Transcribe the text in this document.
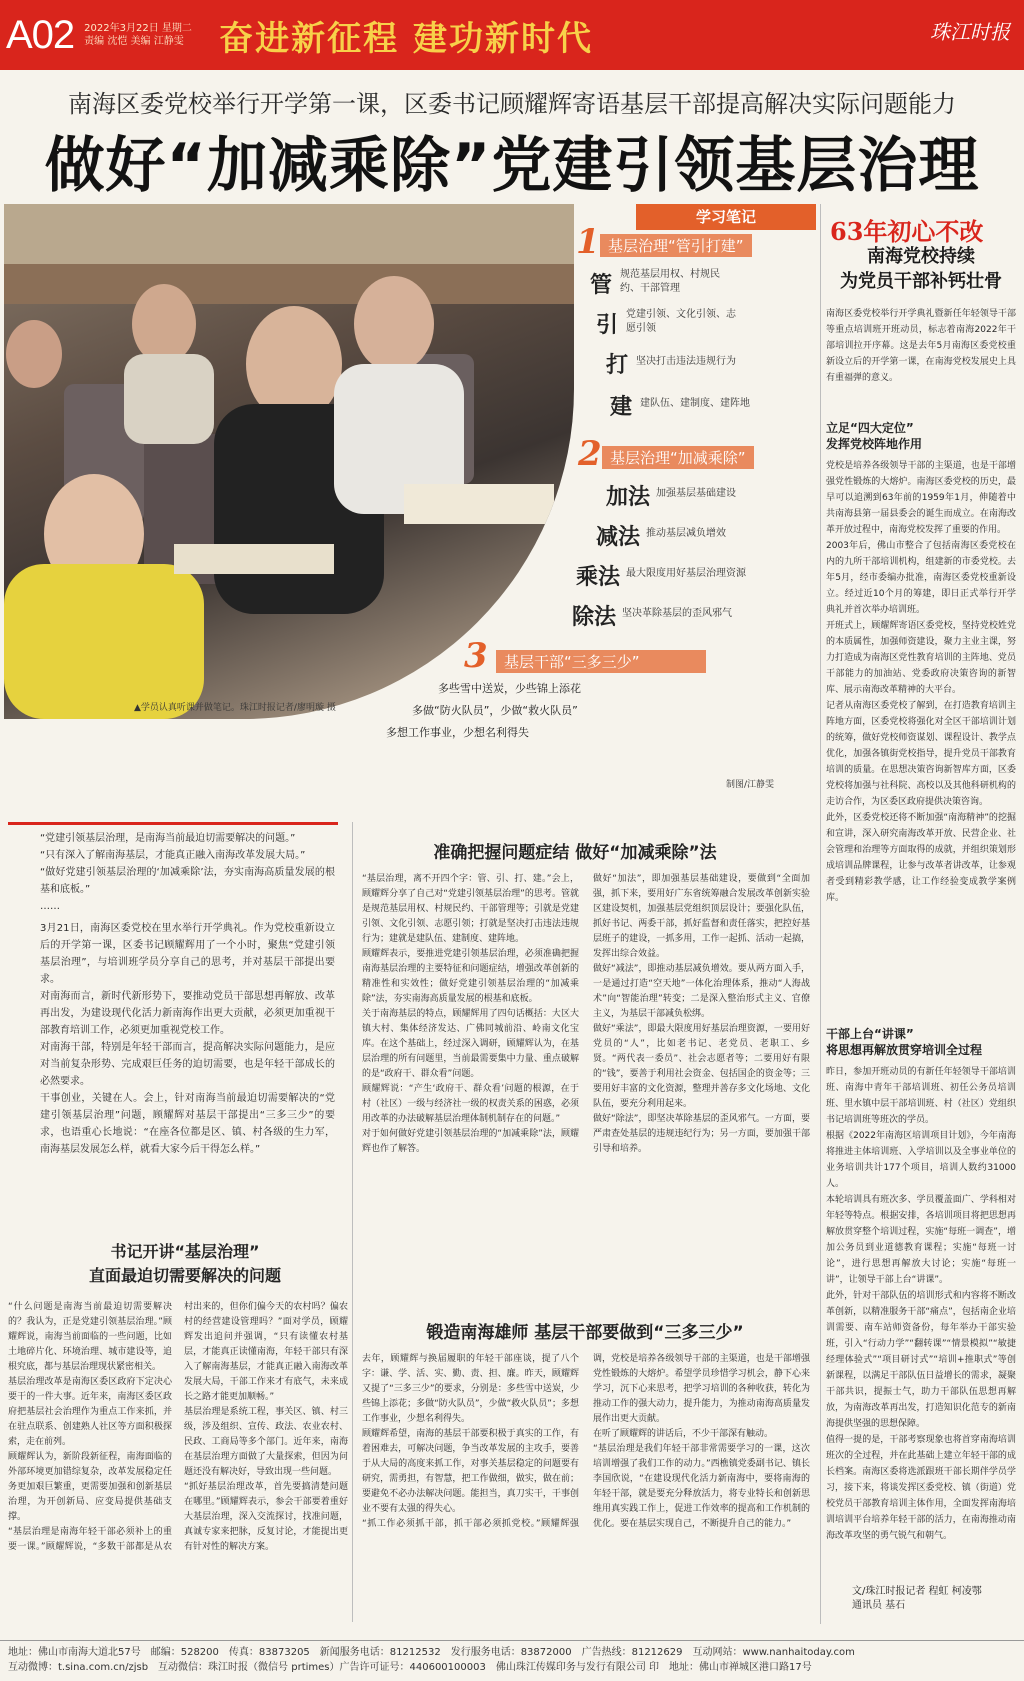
A02 2022年3月22日 星期二
责编 沈恺 美编 江静雯	奋进新征程 建功新时代	珠江时报
南海区委党校举行开学第一课，区委书记顾耀辉寄语基层干部提高解决实际问题能力
做好“加减乘除”党建引领基层治理
▲学员认真听课并做笔记。珠江时报记者/廖明璇 摄
学习笔记
1 基层治理“管引打建”
管 规范基层用权、村规民约、干部管理
引 党建引领、文化引领、志愿引领
打 坚决打击违法违规行为
建 建队伍、建制度、建阵地
2 基层治理“加减乘除”
加法 加强基层基础建设
减法 推动基层减负增效
乘法 最大限度用好基层治理资源
除法 坚决革除基层的歪风邪气
3	基层干部“三多三少”
多些雪中送炭，少些锦上添花
多做“防火队员”，少做“救火队员”
多想工作事业，少想名利得失
制图/江静雯
63年初心不改
南海党校持续
为党员干部补钙壮骨
南海区委党校举行开学典礼暨新任年轻领导干部等重点培训班开班动员，标志着南海2022年干部培训拉开序幕。这是去年5月南海区委党校重新设立后的开学第一课，在南海党校发展史上具有重福弹的意义。
立足“四大定位”
发挥党校阵地作用
党校是培养各级领导干部的主渠道，也是干部增强党性锻炼的大熔炉。南海区委党校的历史，最早可以追溯到63年前的1959年1月，伸随着中共南海县第一届县委会的诞生而成立。在南海改革开放过程中，南海党校发挥了重要的作用。
2003年后，佛山市整合了包括南海区委党校在内的九所干部培训机构，组建新的市委党校。去年5月，经市委编办批准，南海区委党校重新设立。经过近10个月的筹建，即日正式举行开学典礼并首次举办培训班。
开班式上，顾耀辉寄语区委党校，坚持党校姓党的本质属性，加强师资建设，聚力主业主课，努力打造成为南海区党性教育培训的主阵地、党员干部能力的加油站、党委政府决策咨询的新智库、展示南海改革精神的大平台。
记者从南海区委党校了解到，在打造教育培训主阵地方面，区委党校将强化对全区干部培训计划的统筹，做好党校师资谋划、课程设计、教学点优化，加强各镇街党校指导，提升党员干部教育培训的质量。在思想决策咨询新智库方面，区委党校将加强与社科院、高校以及其他科研机构的走访合作，为区委区政府提供决策咨询。
此外，区委党校还将不断加强“南海精神”的挖掘和宣讲，深入研究南海改革开放、民营企业、社会管理和治理等方面取得的成就，并组织策划形成培训品牌课程，让参与改革者讲改革，让参观者受到精彩教学感，让工作经验变成教学案例库。
干部上台“讲课”
将思想再解放贯穿培训全过程
昨日，参加开班动员的有新任年轻领导干部培训班、南海中青年干部培训班、初任公务员培训班、里水镇中层干部培训班、村（社区）党组织书记培训班等班次的学员。
根据《2022年南海区培训项目计划》，今年南海将推进主体培训班、入学培训以及全事业单位的业务培训共计177个项目，培训人数约31000人。
本轮培训具有班次多、学员覆盖面广、学科相对年轻等特点。根据安排，各培训项目将把思想再解放贯穿整个培训过程，实施“每班一调查”，增加公务员到业道德教育课程；实施“每班一讨论”，进行思想再解放大讨论；实施“每班一讲”，让领导干部上台“讲课”。
此外，针对干部队伍的培训形式和内容将不断改革创新，以精准服务干部“痛点”，包括南企业培训需要、南车站师资备份，每年举办干部实验班，引入“行动力学”“翻转课”“情景模拟”“敏捷经理体验式”“项目研讨式”“培训+推职式”等创新课程，以满足干部队伍日益增长的需求，凝聚干部共识，提振士气，助力干部队伍思想再解放，为南海改革再出发，打造知识化范专的新南海提供坚强的思想保障。
值得一提的是，干部考察现象也将首穿南海培训班次的全过程，并在此基础上建立年轻干部的成长档案。南海区委将选派跟班干部长期伴学员学习，接下来，将谈发挥区委党校、镇（街道）党校党员干部教育培训主体作用，全面发挥南海培训培训平台培养年轻干部的活力，在南海推动南海改革攻坚的勇气锐气和朝气。
文/珠江时报记者 程虹 柯凌鄂
通讯员 基石
“党建引领基层治理，是南海当前最迫切需要解决的问题。”
“只有深入了解南海基层，才能真正融入南海改革发展大局。”
“做好党建引领基层治理的‘加减乘除’法，夯实南海高质量发展的根基和底板。”
……
3月21日，南海区委党校在里水举行开学典礼。作为党校重新设立后的开学第一课，区委书记顾耀辉用了一个小时，聚焦“党建引领基层治理”，与培训班学员分享自己的思考，并对基层干部提出要求。
对南海而言，新时代新形势下，要推动党员干部思想再解放、改革再出发，为建设现代化活力新南海作出更大贡献，必须更加重视干部教育培训工作，必须更加重视党校工作。
对南海干部，特别是年轻干部而言，提高解决实际问题能力，是应对当前复杂形势、完成艰巨任务的迫切需要，也是年轻干部成长的必然要求。
干事创业，关键在人。会上，针对南海当前最迫切需要解决的“党建引领基层治理”问题，顾耀辉对基层干部提出“三多三少”的要求，也语重心长地说：“在座各位都是区、镇、村各级的生力军，南海基层发展怎么样，就看大家今后干得怎么样。”
书记开讲“基层治理”
直面最迫切需要解决的问题
“什么问题是南海当前最迫切需要解决的？我认为，正是党建引领基层治理。”顾耀辉说，南海当前面临的一些问题，比如土地碎片化、环境治理、城市建设等，追根究底，都与基层治理现状紧密相关。
基层治理改革是南海区委区政府下定决心要干的一件大事。近年来，南海区委区政府把基层社会治理作为重点工作来抓，并在驻点联系、创建熟人社区等方面积极探索，走在前列。
顾耀辉认为，新阶段新征程，南海面临的外部环境更加错综复杂，改革发展稳定任务更加艰巨繁重，更需要加强和创新基层治理，为开创新局、应变局提供基础支撑。
“基层治理是南海年轻干部必须补上的重要一课。”顾耀辉说，“多数干部都是从农村出来的，但你们偏今天的农村吗？偏农村的经营建设管理吗？”面对学员，顾耀辉发出追问并强调，“只有读懂农村基层，才能真正读懂南海，年轻干部只有深入了解南海基层，才能真正融入南海改革发展大局，干部工作来才有底气，未来成长之路才能更加顺畅。”
基层治理是系统工程，事关区、镇、村三级，涉及组织、宣传、政法、农业农村、民政、工商局等多个部门。近年来，南海在基层治理方面做了大量探索，但因为问题还没有解决好，导致出现一些问题。
“抓好基层治理改革，首先要搞清楚问题在哪里。”顾耀辉表示，参会干部要着重好大基层治理，深入交流探讨，找准问题，真诚专家来把脉，反复讨论，才能提出更有针对性的解决方案。
准确把握问题症结 做好“加减乘除”法
“基层治理，离不开四个字：管、引、打、建。”会上，顾耀辉分享了自己对“党建引领基层治理”的思考。管就是规范基层用权、村规民约、干部管理等；引就是党建引领、文化引领、志愿引领；打就是坚决打击违法违规行为；建就是建队伍、建制度、建阵地。
顾耀辉表示，要推进党建引领基层治理，必须准确把握南海基层治理的主要特征和问题症结，增强改革创新的精准性和实效性；做好党建引领基层治理的“加减乘除”法，夯实南海高质量发展的根基和底板。
关于南海基层的特点，顾耀辉用了四句话概括：大区大镇大村、集体经济发达、广佛同城前沿、岭南文化宝库。在这个基础上，经过深入调研，顾耀辉认为，在基层治理的所有问题里，当前最需要集中力量、重点破解的是“政府干、群众看”问题。
顾耀辉说：“产生‘政府干、群众看’问题的根源，在于村（社区）一级与经济社一级的权责关系的困惑，必须用改革的办法破解基层治理体制机制存在的问题。”
对于如何做好党建引领基层治理的“加减乘除”法，顾耀辉也作了解答。
做好“加法”，即加强基层基础建设，要做到“全面加强，抓下来，要用好广东省统筹融合发展改革创新实验区建设契机，加强基层党组织顶层设计；要强化队伍，抓好书记、两委干部，抓好监督和责任落实，把控好基层班子的建设，一抓多用，工作一起抓、活动一起搞，发挥出综合效益。
做好“减法”，即推动基层减负增效。要从两方面入手，一是通过打造“空天地”一体化治理体系，推动“人海战术”向“智能治理”转变；二是深入整治形式主义、官僚主义，为基层干部减负松绑。
做好“乘法”，即最大限度用好基层治理资源，一要用好党员的“人”，比如老书记、老党员、老职工、乡贤。“两代表一委员”、社会志愿者等；二要用好有限的“钱”，要善于利用社会资金、包括国企的资金等；三要用好丰富的文化资源，整理并善存多文化场地、文化队伍，要充分利用起来。
做好“除法”，即坚决革除基层的歪风邪气。一方面，要严肃查处基层的违规违纪行为；另一方面，要加强干部引导和培养。
锻造南海雄师 基层干部要做到“三多三少”
去年，顾耀辉与换届履职的年轻干部座谈，提了八个字：谦、学、活、实、勤、责、担、廉。昨天，顾耀辉又提了“三多三少”的要求，分别是：多些雪中送炭，少些锦上添花；多做“防火队员”，少做“救火队员”；多想工作事业，少想名利得失。
顾耀辉希望，南海的基层干部要积极于真实的工作，有着困难去，可解决问题，争当改革发展的主攻手，要善于从大局的高度来抓工作，对事关基层稳定的问题要有研究，需勇担，有智慧，把工作做细，做实，做在前；要避免不必办法解决问题。能担当，真刀实干，干事创业不要有太强的得失心。
“抓工作必须抓干部，抓干部必须抓党校。”顾耀辉强调，党校是培养各级领导干部的主渠道，也是干部增强党性锻炼的大熔炉。希望学员珍惜学习机会，静下心来学习，沉下心来思考，把学习培训的各种收获，转化为推动工作的强大动力，提升能力，为推动南海高质量发展作出更大贡献。
在听了顾耀辉的讲话后，不少干部深有触动。
“基层治理是我们年轻干部非常需要学习的一课，这次培训增强了我们工作的动力。”西樵镇党委副书记、镇长李国欣说，“在建设现代化活力新南海中，要将南海的年轻干部，就是要充分释放活力，将专业特长和创新思维用真实践工作上，促进工作效率的提高和工作机制的优化。要在基层实现自己，不断提升自己的能力。”
地址：佛山市南海大道北57号　邮编：528200　传真：83873205　新闻服务电话：81212532　发行服务电话：83872000　广告热线：81212629　互动网站：www.nanhaitoday.com
互动微博：t.sina.com.cn/zjsb　互动微信：珠江时报（微信号 prtimes）广告许可证号：440600100003　佛山珠江传媒印务与发行有限公司 印　地址：佛山市禅城区港口路17号
